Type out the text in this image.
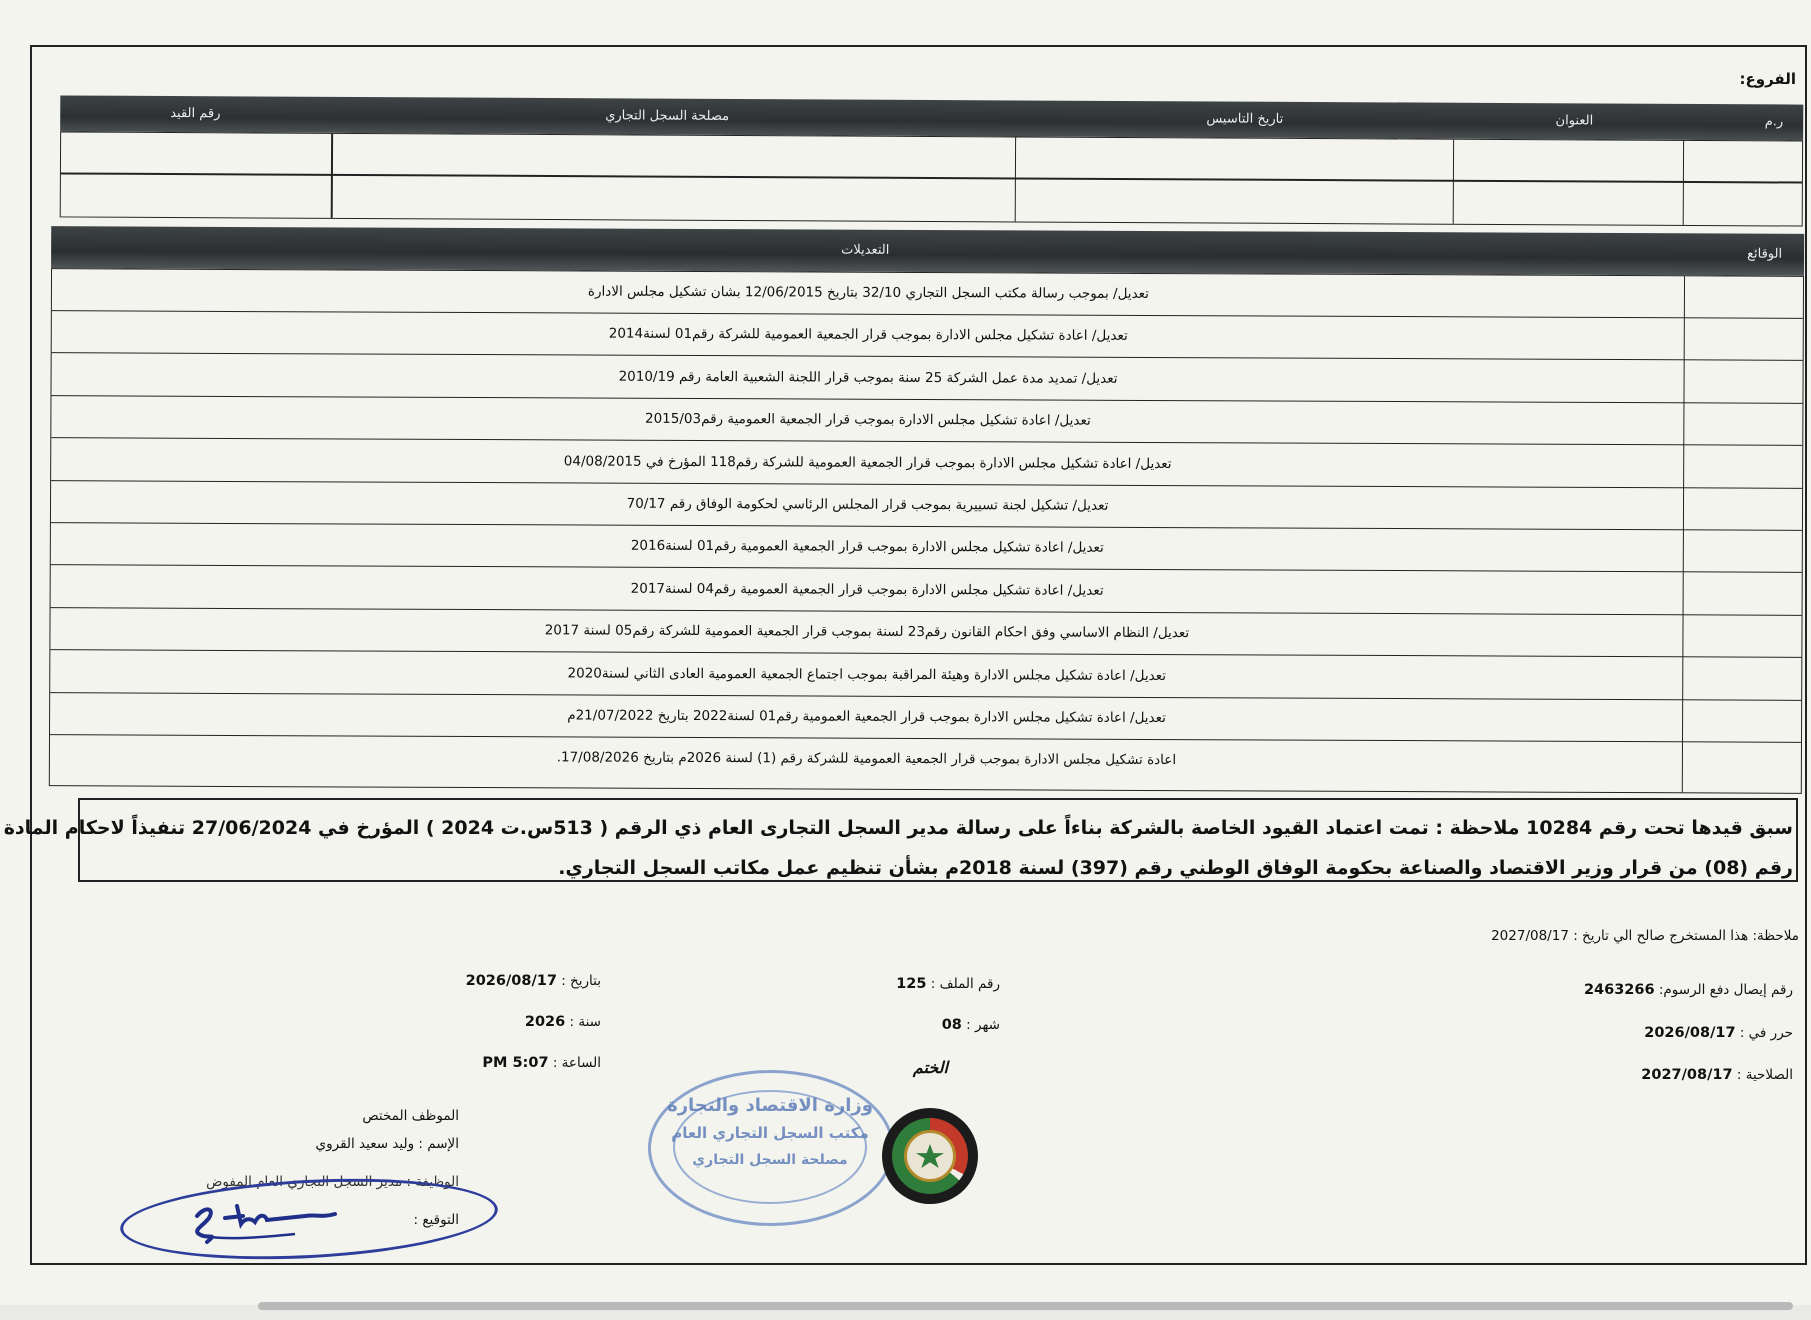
الفروع:
ر.م
العنوان
تاريخ التاسيس
مصلحة السجل التجاري
رقم القيد
الوقائع
التعديلات
تعديل/ بموجب رسالة مكتب السجل التجاري 32/10 بتاريخ 12/06/2015 بشان تشكيل مجلس الادارة
تعديل/ اعادة تشكيل مجلس الادارة بموجب قرار الجمعية العمومية للشركة رقم01 لسنة2014
تعديل/ تمديد مدة عمل الشركة 25 سنة بموجب قرار اللجنة الشعبية العامة رقم 2010/19
تعديل/ اعادة تشكيل مجلس الادارة بموجب قرار الجمعية العمومية رقم2015/03
تعديل/ اعادة تشكيل مجلس الادارة بموجب قرار الجمعية العمومية للشركة رقم118 المؤرخ في 04/08/2015
تعديل/ تشكيل لجنة تسييرية بموجب قرار المجلس الرئاسي لحكومة الوفاق رقم 70/17
تعديل/ اعادة تشكيل مجلس الادارة بموجب قرار الجمعية العمومية رقم01 لسنة2016
تعديل/ اعادة تشكيل مجلس الادارة بموجب قرار الجمعية العمومية رقم04 لسنة2017
تعديل/ النظام الاساسي وفق احكام القانون رقم23 لسنة بموجب قرار الجمعية العمومية للشركة رقم05 لسنة 2017
تعديل/ اعادة تشكيل مجلس الادارة وهيئة المراقبة بموجب اجتماع الجمعية العمومية العادى الثاني لسنة2020
تعديل/ اعادة تشكيل مجلس الادارة بموجب قرار الجمعية العمومية رقم01 لسنة2022 بتاريخ 21/07/2022م
اعادة تشكيل مجلس الادارة بموجب قرار الجمعية العمومية للشركة رقم (1) لسنة 2026م بتاريخ 17/08/2026.
سبق قيدها تحت رقم 10284 ملاحظة : تمت اعتماد القيود الخاصة بالشركة بناءاً على رسالة مدير السجل التجارى العام ذي الرقم ( 513س.ت 2024 ) المؤرخ في 27/06/2024 تنفيذاً لاحكام المادة
رقم (08) من قرار وزير الاقتصاد والصناعة بحكومة الوفاق الوطني رقم (397) لسنة 2018م بشأن تنظيم عمل مكاتب السجل التجاري.
ملاحظة: هذا المستخرج صالح الي تاريخ : 2027/08/17
رقم إيصال دفع الرسوم: 2463266
حرر في : 2026/08/17
الصلاحية : 2027/08/17
رقم الملف : 125
شهر : 08
الختم
بتاريخ : 2026/08/17
سنة : 2026
الساعة : 5:07 PM
الموظف المختص
الإسم : وليد سعيد القروي
الوظيفة : مدير السجل التجاري العام المفوض
التوقيع :
وزارة الاقتصاد والتجارة
مكتب السجل التجاري العام
مصلحة السجل التجاري
